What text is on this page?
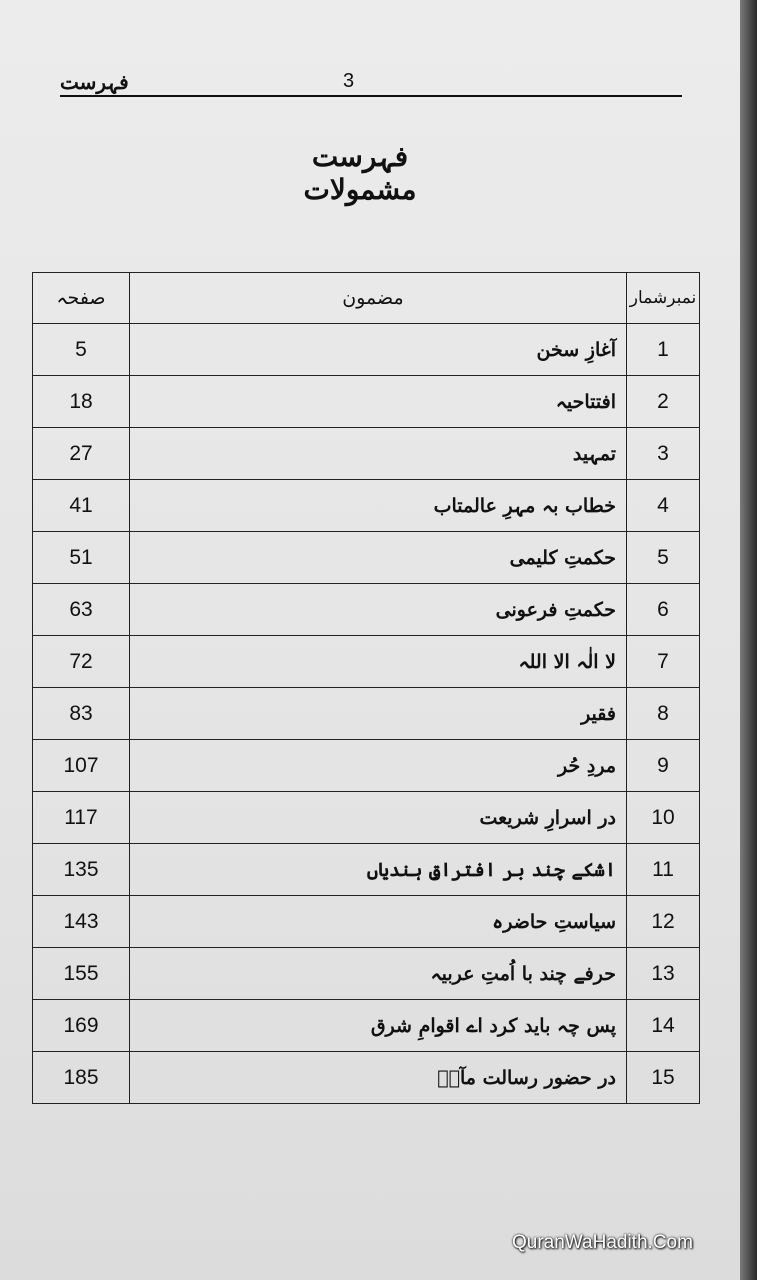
فہرست	3
فہرست مشمولات
صفحہ	مضمون	نمبرشمار
5	آغازِ سخن	1
18	افتتاحیہ	2
27	تمہید	3
41	خطاب بہ مہرِ عالمتاب	4
51	حکمتِ کلیمی	5
63	حکمتِ فرعونی	6
72	لا الٰہ الا اللہ	7
83	فقیر	8
107	مردِ حُر	9
117	در اسرارِ شریعت	10
135	اشکے چند بر افتراقِ ہندیاں	11
143	سیاستِ حاضرہ	12
155	حرفے چند با اُمتِ عربیہ	13
169	پس چہ باید کرد اے اقوامِ شرق	14
185	در حضور رسالت مآبؐ	15
QuranWaHadith.Com
